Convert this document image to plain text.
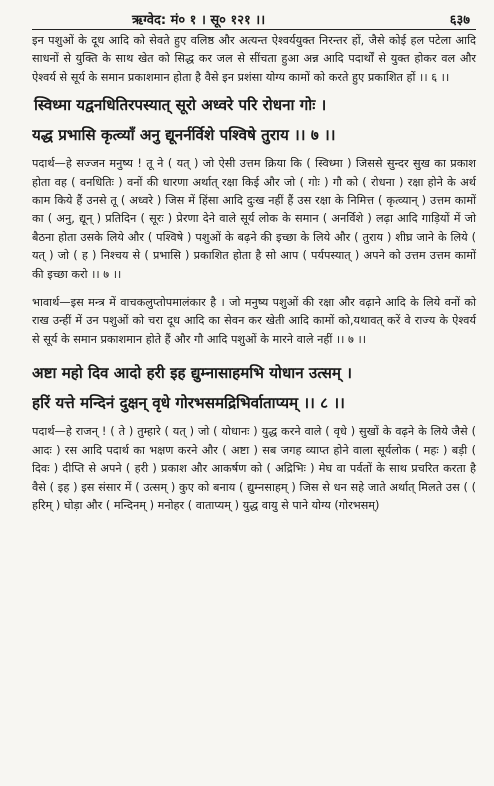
ऋग्वेद: मं० १ । सू० १२१ ।।	६३७

इन पशुओं के दूध आदि को सेवते हुए वलिष्ठ और अत्यन्त ऐश्वर्ययुक्त निरन्तर हों, जैसे कोई हल पटेला आदि साधनों से युक्ति के साथ खेत को सिद्ध कर जल से सींचता हुआ अन्न आदि पदार्थों से युक्त होकर वल और ऐश्वर्य से सूर्य के समान प्रकाशमान होता है वैसे इन प्रशंसा योग्य कामों को करते हुए प्रकाशित हों ।। ६ ।।

स्विध्मा यद्वनधितिरपस्यात् सूरो अध्वरे परि रोधना गोः ।
यद्ध प्रभासि कृत्व्याँ अनु द्यूनर्नर्विशे पश्विषे तुराय ।। ७ ।।

पदार्थ—हे सज्जन मनुष्य ! तू ने ( यत् ) जो ऐसी उत्तम क्रिया कि ( स्विध्मा ) जिससे सुन्दर सुख का प्रकाश होता वह ( वनधितिः ) वनों की धारणा अर्थात् रक्षा किई और जो ( गोः ) गौ को ( रोधना ) रक्षा होने के अर्थ काम किये हैं उनसे तू ( अध्वरे ) जिस में हिंसा आदि दुःख नहीं हैं उस रक्षा के निमित्त ( कृत्व्यान् ) उत्तम कामों का ( अनु, द्यून् ) प्रतिदिन ( सूरः ) प्रेरणा देने वाले सूर्य लोक के समान ( अनर्विशे ) लढ़ा आदि गाड़ियों में जो बैठना होता उसके लिये और ( पश्विषे ) पशुओं के बढ़ने की इच्छा के लिये और ( तुराय ) शीघ्र जाने के लिये ( यत् ) जो ( ह ) निश्चय से ( प्रभासि ) प्रकाशित होता है सो आप ( पर्यपस्यात् ) अपने को उत्तम उत्तम कामों की इच्छा करो ।। ७ ।।

भावार्थ—इस मन्त्र में वाचकलुप्तोपमालंकार है । जो मनुष्य पशुओं की रक्षा और वढ़ाने आदि के लिये वनों को राख उन्हीं में उन पशुओं को चरा दूध आदि का सेवन कर खेती आदि कामों को,यथावत् करें वे राज्य के ऐश्वर्य से सूर्य के समान प्रकाशमान होते हैं और गौ आदि पशुओं के मारने वाले नहीं ।। ७ ।।

अष्टा महो दिव आदो हरी इह द्युम्नासाहमभि योधान उत्सम् ।
हरिं यत्ते मन्दिनं दुक्षन् वृधे गोरभसमद्रिभिर्वाताप्यम् ।। ८ ।।

पदार्थ—हे राजन् ! ( ते ) तुम्हारे ( यत् ) जो ( योधानः ) युद्ध करने वाले ( वृधे ) सुखों के वढ़ने के लिये जैसे ( आदः ) रस आदि पदार्थ का भक्षण करने और ( अष्टा ) सब जगह व्याप्त होने वाला सूर्यलोक ( महः ) बड़ी ( दिवः ) दीप्ति से अपने ( हरी ) प्रकाश और आकर्षण को ( अद्रिभिः ) मेघ वा पर्वतों के साथ प्रचरित करता है वैसे ( इह ) इस संसार में ( उत्सम् ) कुए को बनाय ( द्युम्नसाहम् ) जिस से धन सहे जाते अर्थात् मिलते उस ( ( हरिम् ) घोड़ा और ( मन्दिनम् ) मनोहर ( वाताप्यम् ) युद्ध वायु से पाने योग्य (गोरभसम्)
